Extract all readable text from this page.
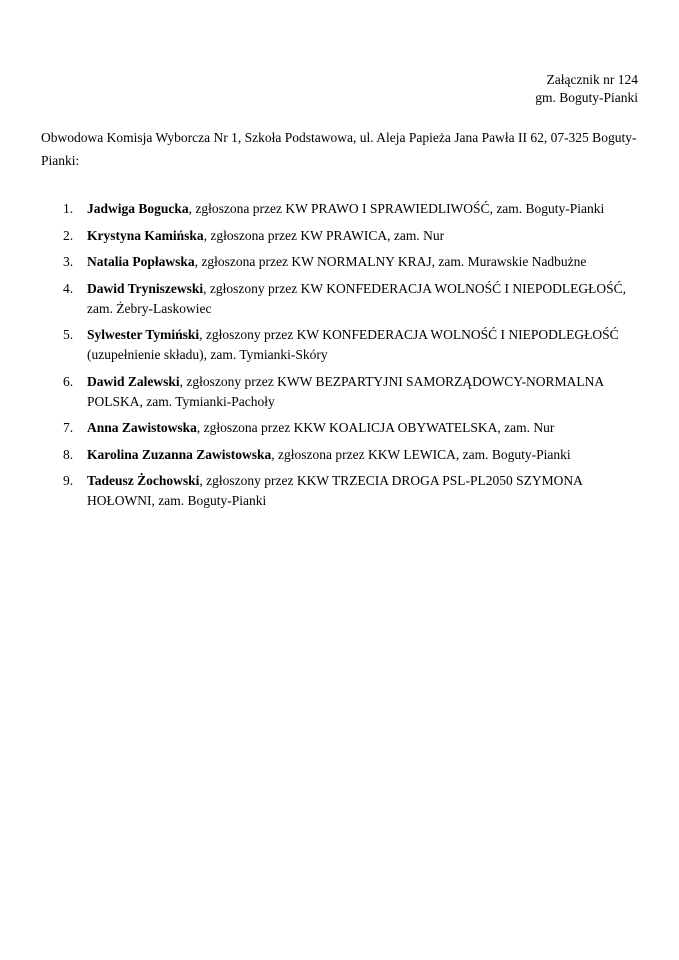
Załącznik nr 124
gm. Boguty-Pianki
Obwodowa Komisja Wyborcza Nr 1, Szkoła Podstawowa, ul. Aleja Papieża Jana Pawła II 62, 07-325 Boguty-Pianki:
1. Jadwiga Bogucka, zgłoszona przez KW PRAWO I SPRAWIEDLIWOŚĆ, zam. Boguty-Pianki
2. Krystyna Kamińska, zgłoszona przez KW PRAWICA, zam. Nur
3. Natalia Popławska, zgłoszona przez KW NORMALNY KRAJ, zam. Murawskie Nadbużne
4. Dawid Tryniszewski, zgłoszony przez KW KONFEDERACJA WOLNOŚĆ I NIEPODLEGŁOŚĆ, zam. Żebry-Laskowiec
5. Sylwester Tymiński, zgłoszony przez KW KONFEDERACJA WOLNOŚĆ I NIEPODLEGŁOŚĆ (uzupełnienie składu), zam. Tymianki-Skóry
6. Dawid Zalewski, zgłoszony przez KWW BEZPARTYJNI SAMORZĄDOWCY-NORMALNA POLSKA, zam. Tymianki-Pachoły
7. Anna Zawistowska, zgłoszona przez KKW KOALICJA OBYWATELSKA, zam. Nur
8. Karolina Zuzanna Zawistowska, zgłoszona przez KKW LEWICA, zam. Boguty-Pianki
9. Tadeusz Żochowski, zgłoszony przez KKW TRZECIA DROGA PSL-PL2050 SZYMONA HOŁOWNI, zam. Boguty-Pianki
